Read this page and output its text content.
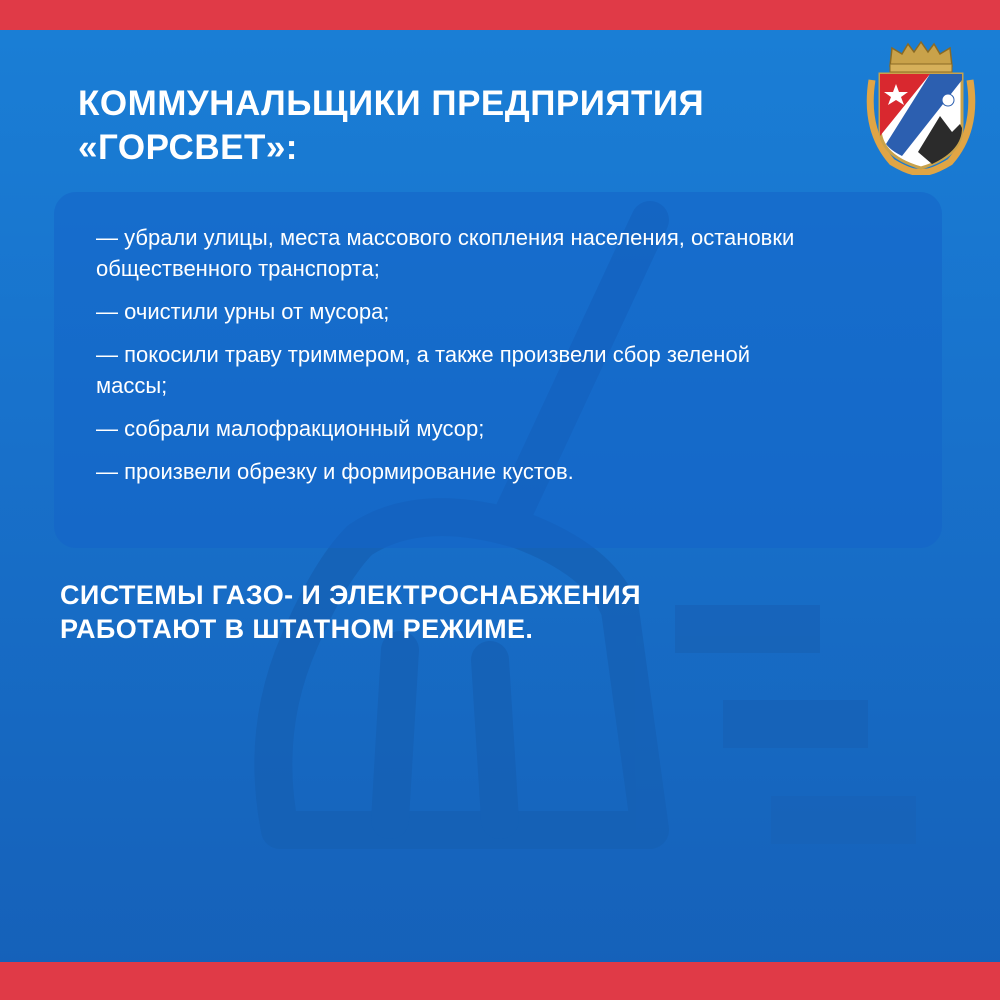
КОММУНАЛЬЩИКИ ПРЕДПРИЯТИЯ
«ГОРСВЕТ»:
— убрали улицы, места массового скопления населения, остановки общественного транспорта;
— очистили урны от мусора;
— покосили траву триммером, а также произвели сбор зеленой массы;
— собрали малофракционный мусор;
— произвели обрезку и формирование кустов.
СИСТЕМЫ ГАЗО- И ЭЛЕКТРОСНАБЖЕНИЯ
РАБОТАЮТ В ШТАТНОМ РЕЖИМЕ.
